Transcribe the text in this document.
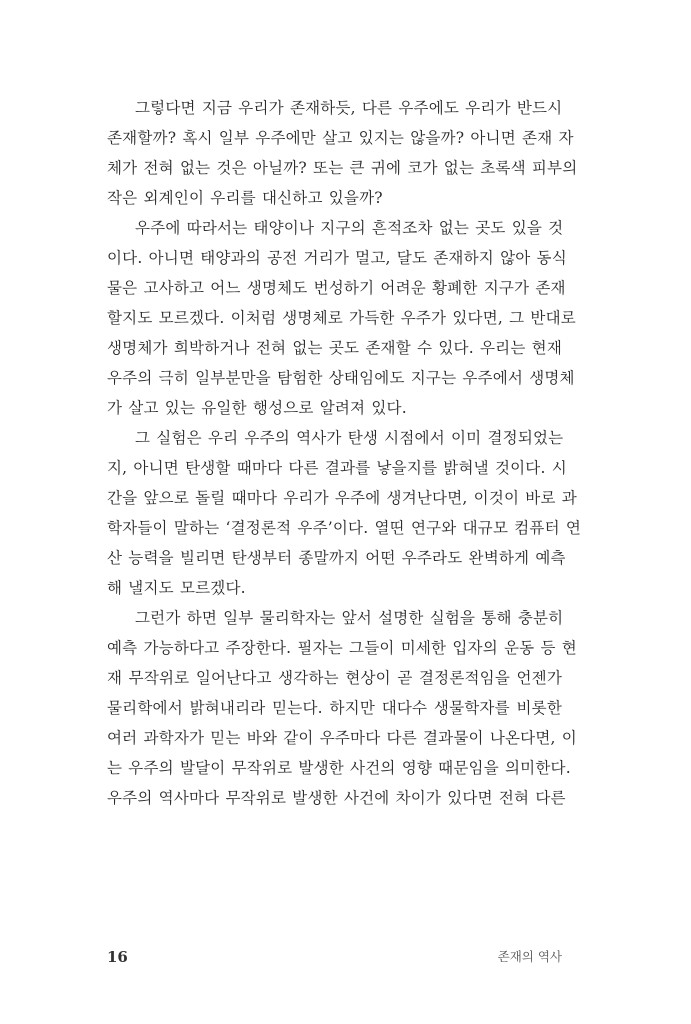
그렇다면 지금 우리가 존재하듯, 다른 우주에도 우리가 반드시
존재할까? 혹시 일부 우주에만 살고 있지는 않을까? 아니면 존재 자
체가 전혀 없는 것은 아닐까? 또는 큰 귀에 코가 없는 초록색 피부의
작은 외계인이 우리를 대신하고 있을까?
우주에 따라서는 태양이나 지구의 흔적조차 없는 곳도 있을 것
이다. 아니면 태양과의 공전 거리가 멀고, 달도 존재하지 않아 동식
물은 고사하고 어느 생명체도 번성하기 어려운 황폐한 지구가 존재
할지도 모르겠다. 이처럼 생명체로 가득한 우주가 있다면, 그 반대로
생명체가 희박하거나 전혀 없는 곳도 존재할 수 있다. 우리는 현재
우주의 극히 일부분만을 탐험한 상태임에도 지구는 우주에서 생명체
가 살고 있는 유일한 행성으로 알려져 있다.
그 실험은 우리 우주의 역사가 탄생 시점에서 이미 결정되었는
지, 아니면 탄생할 때마다 다른 결과를 낳을지를 밝혀낼 것이다. 시
간을 앞으로 돌릴 때마다 우리가 우주에 생겨난다면, 이것이 바로 과
학자들이 말하는 ‘결정론적 우주’이다. 열띤 연구와 대규모 컴퓨터 연
산 능력을 빌리면 탄생부터 종말까지 어떤 우주라도 완벽하게 예측
해 낼지도 모르겠다.
그런가 하면 일부 물리학자는 앞서 설명한 실험을 통해 충분히
예측 가능하다고 주장한다. 필자는 그들이 미세한 입자의 운동 등 현
재 무작위로 일어난다고 생각하는 현상이 곧 결정론적임을 언젠가
물리학에서 밝혀내리라 믿는다. 하지만 대다수 생물학자를 비롯한
여러 과학자가 믿는 바와 같이 우주마다 다른 결과물이 나온다면, 이
는 우주의 발달이 무작위로 발생한 사건의 영향 때문임을 의미한다.
우주의 역사마다 무작위로 발생한 사건에 차이가 있다면 전혀 다른
16	존재의 역사
